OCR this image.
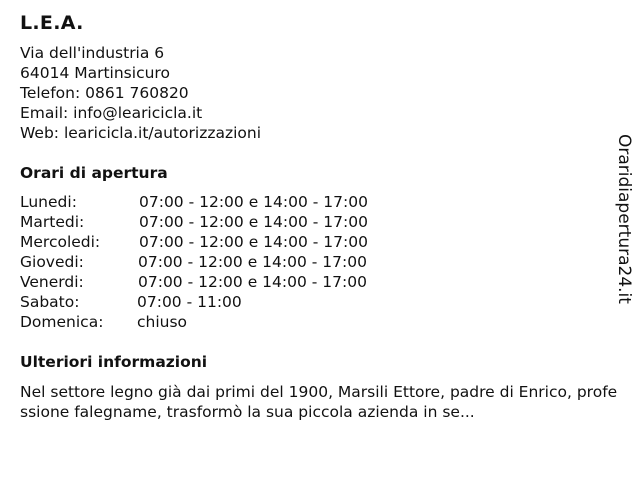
L.E.A.
Via dell'industria 6
64014 Martinsicuro
Telefon: 0861 760820
Email: info@learicicla.it
Web: learicicla.it/autorizzazioni
Orari di apertura
Lunedi:	07:00 - 12:00 e 14:00 - 17:00
Martedi:	07:00 - 12:00 e 14:00 - 17:00
Mercoledi:	07:00 - 12:00 e 14:00 - 17:00
Giovedi:	07:00 - 12:00 e 14:00 - 17:00
Venerdi:	07:00 - 12:00 e 14:00 - 17:00
Sabato:	07:00 - 11:00
Domenica:	chiuso
Ulteriori informazioni
Nel settore legno già dai primi del 1900, Marsili Ettore, padre di Enrico, professione falegname, trasformò la sua piccola azienda in se...
Oraridiapertura24.it
